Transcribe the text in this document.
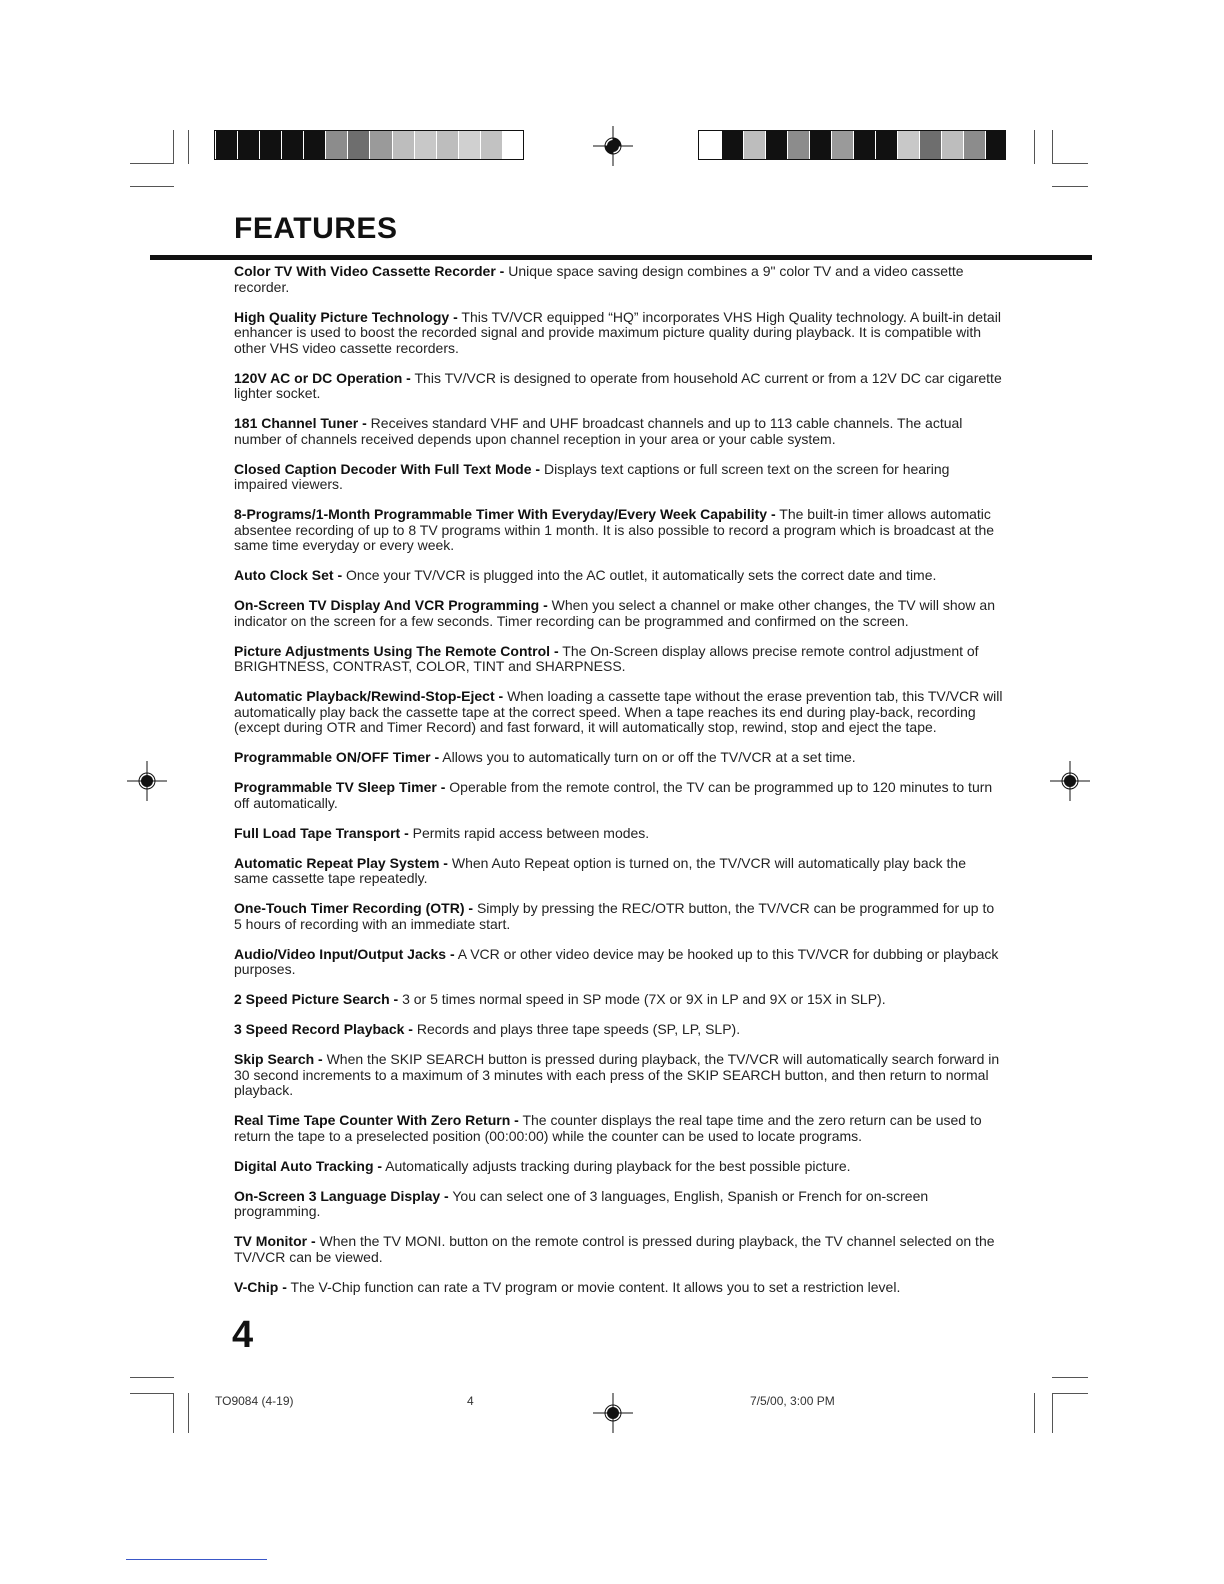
FEATURES

Color TV With Video Cassette Recorder - Unique space saving design combines a 9" color TV and a video cassette recorder.

High Quality Picture Technology - This TV/VCR equipped “HQ” incorporates VHS High Quality technology. A built-in detail enhancer is used to boost the recorded signal and provide maximum picture quality during playback. It is compatible with other VHS video cassette recorders.

120V AC or DC Operation - This TV/VCR is designed to operate from household AC current or from a 12V DC car cigarette lighter socket.

181 Channel Tuner - Receives standard VHF and UHF broadcast channels and up to 113 cable channels. The actual number of channels received depends upon channel reception in your area or your cable system.

Closed Caption Decoder With Full Text Mode - Displays text captions or full screen text on the screen for hearing impaired viewers.

8-Programs/1-Month Programmable Timer With Everyday/Every Week Capability - The built-in timer allows automatic absentee recording of up to 8 TV programs within 1 month. It is also possible to record a program which is broadcast at the same time everyday or every week.

Auto Clock Set - Once your TV/VCR is plugged into the AC outlet, it automatically sets the correct date and time.

On-Screen TV Display And VCR Programming - When you select a channel or make other changes, the TV will show an indicator on the screen for a few seconds. Timer recording can be programmed and confirmed on the screen.

Picture Adjustments Using The Remote Control - The On-Screen display allows precise remote control adjustment of BRIGHTNESS, CONTRAST, COLOR, TINT and SHARPNESS.

Automatic Playback/Rewind-Stop-Eject - When loading a cassette tape without the erase prevention tab, this TV/VCR will automatically play back the cassette tape at the correct speed. When a tape reaches its end during play-back, recording (except during OTR and Timer Record) and fast forward, it will automatically stop, rewind, stop and eject the tape.

Programmable ON/OFF Timer - Allows you to automatically turn on or off the TV/VCR at a set time.

Programmable TV Sleep Timer - Operable from the remote control, the TV can be programmed up to 120 minutes to turn off automatically.

Full Load Tape Transport - Permits rapid access between modes.

Automatic Repeat Play System - When Auto Repeat option is turned on, the TV/VCR will automatically play back the same cassette tape repeatedly.

One-Touch Timer Recording (OTR) - Simply by pressing the REC/OTR button, the TV/VCR can be programmed for up to 5 hours of recording with an immediate start.

Audio/Video Input/Output Jacks - A VCR or other video device may be hooked up to this TV/VCR for dubbing or playback purposes.

2 Speed Picture Search - 3 or 5 times normal speed in SP mode (7X or 9X in LP and 9X or 15X in SLP).

3 Speed Record Playback - Records and plays three tape speeds (SP, LP, SLP).

Skip Search - When the SKIP SEARCH button is pressed during playback, the TV/VCR will automatically search forward in 30 second increments to a maximum of 3 minutes with each press of the SKIP SEARCH button, and then return to normal playback.

Real Time Tape Counter With Zero Return - The counter displays the real tape time and the zero return can be used to return the tape to a preselected position (00:00:00) while the counter can be used to locate programs.

Digital Auto Tracking - Automatically adjusts tracking during playback for the best possible picture.

On-Screen 3 Language Display - You can select one of 3 languages, English, Spanish or French for on-screen programming.

TV Monitor - When the TV MONI. button on the remote control is pressed during playback, the TV channel selected on the TV/VCR can be viewed.

V-Chip - The V-Chip function can rate a TV program or movie content. It allows you to set a restriction level.

4
TO9084 (4-19)	4	7/5/00, 3:00 PM
